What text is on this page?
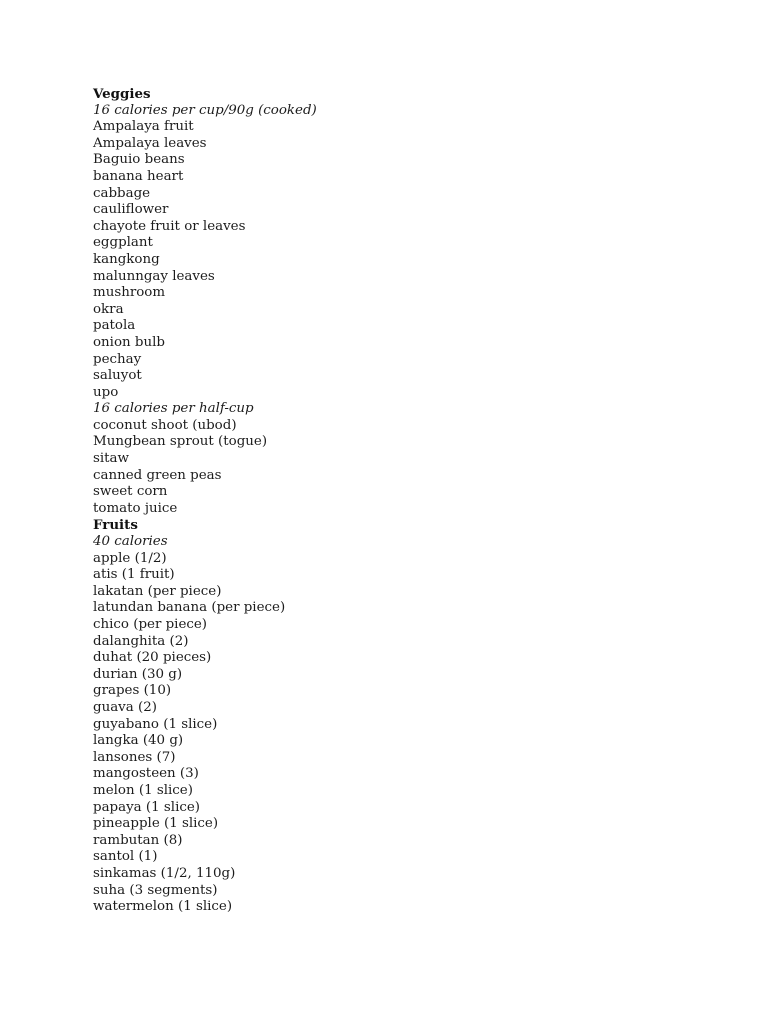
Veggies
16 calories per cup/90g (cooked)
Ampalaya fruit
Ampalaya leaves
Baguio beans
banana heart
cabbage
cauliflower
chayote fruit or leaves
eggplant
kangkong
malunngay leaves
mushroom
okra
patola
onion bulb
pechay
saluyot
upo
16 calories per half-cup
coconut shoot (ubod)
Mungbean sprout (togue)
sitaw
canned green peas
sweet corn
tomato juice
Fruits
40 calories
apple (1/2)
atis (1 fruit)
lakatan (per piece)
latundan banana (per piece)
chico (per piece)
dalanghita (2)
duhat (20 pieces)
durian (30 g)
grapes (10)
guava (2)
guyabano (1 slice)
langka (40 g)
lansones (7)
mangosteen (3)
melon (1 slice)
papaya (1 slice)
pineapple (1 slice)
rambutan (8)
santol (1)
sinkamas (1/2, 110g)
suha (3 segments)
watermelon (1 slice)
